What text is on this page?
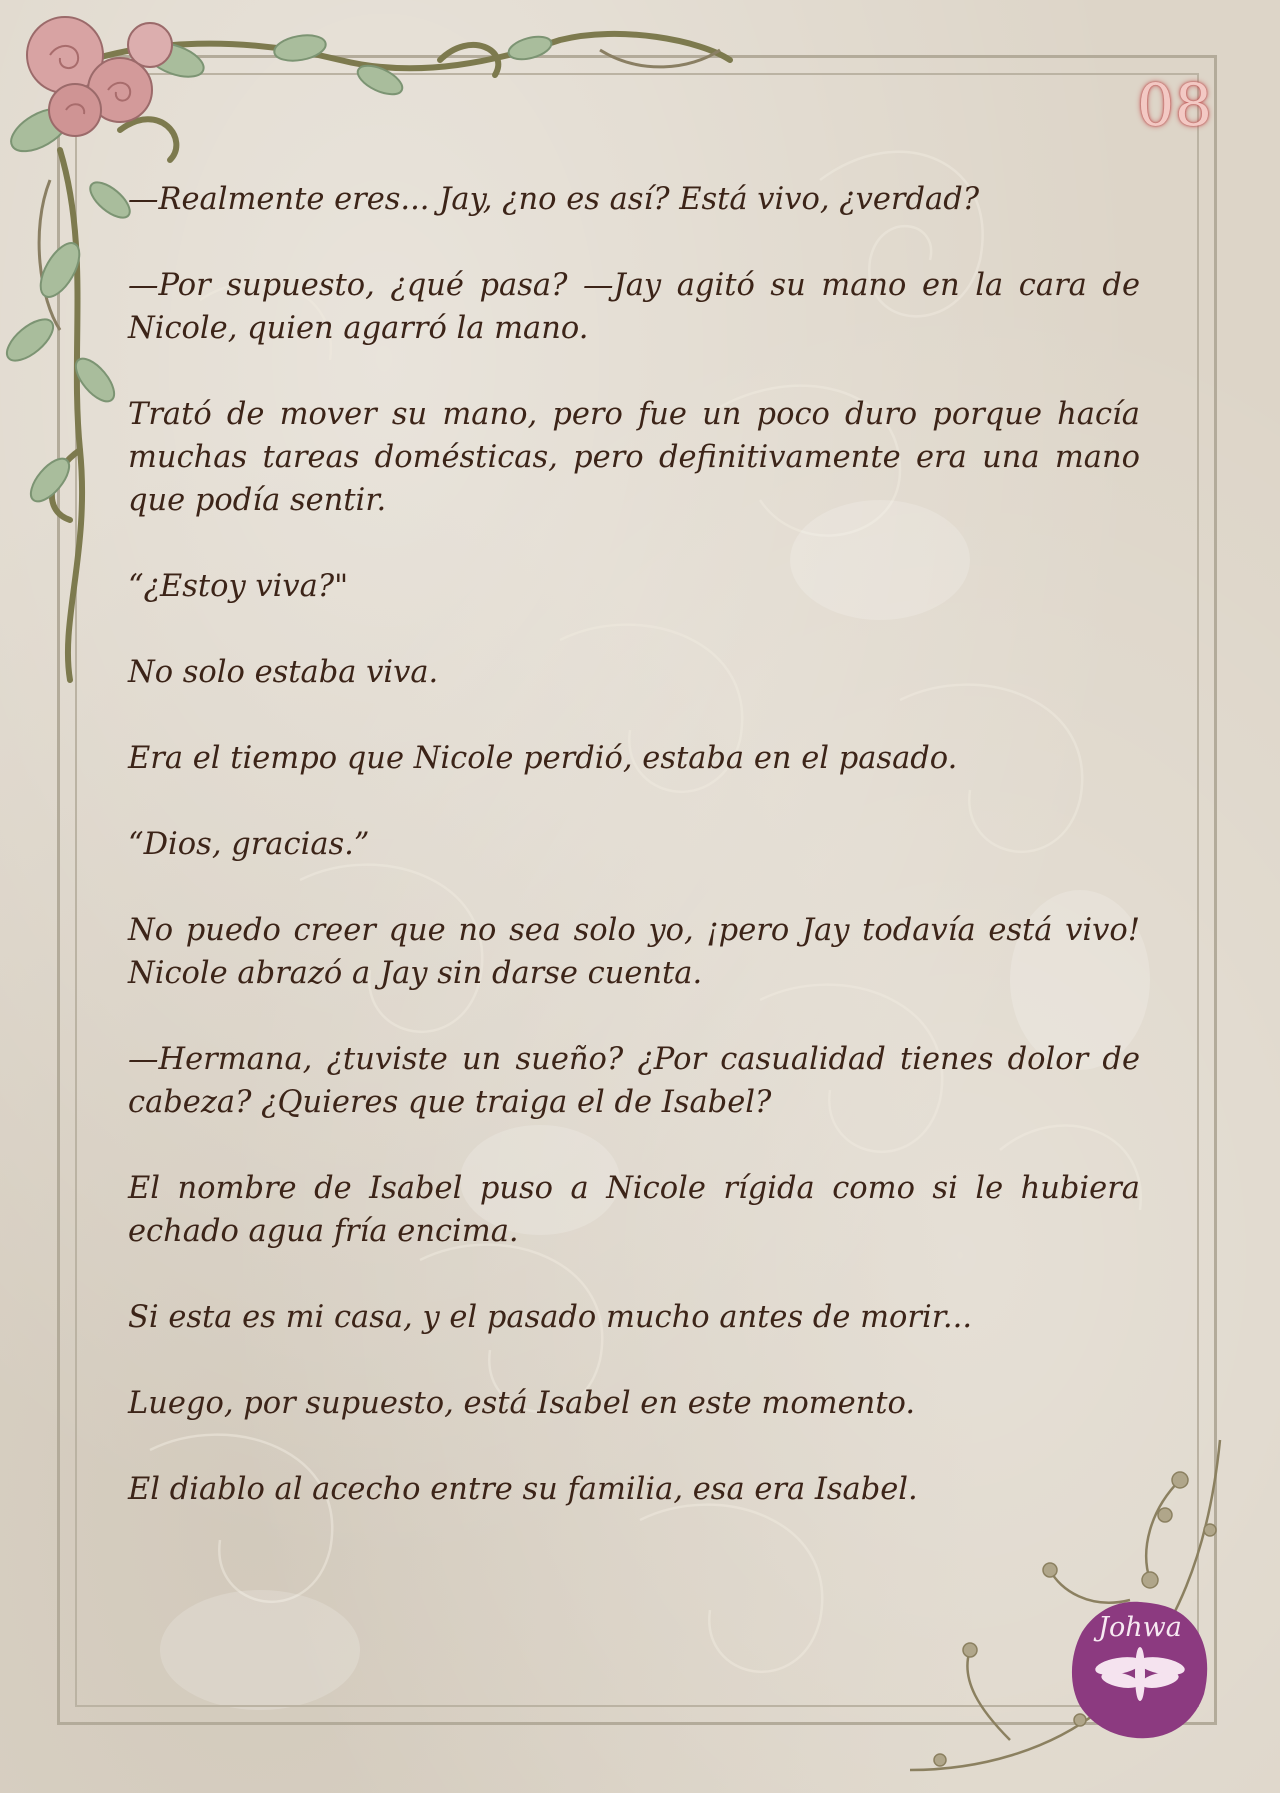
08
Johwa

—Realmente eres... Jay, ¿no es así? Está vivo, ¿verdad?

—Por supuesto, ¿qué pasa? —Jay agitó su mano en la cara de Nicole, quien agarró la mano.

Trató de mover su mano, pero fue un poco duro porque hacía muchas tareas domésticas, pero definitivamente era una mano que podía sentir.

“¿Estoy viva?"

No solo estaba viva.

Era el tiempo que Nicole perdió, estaba en el pasado.

“Dios, gracias.”

No puedo creer que no sea solo yo, ¡pero Jay todavía está vivo! Nicole abrazó a Jay sin darse cuenta.

—Hermana, ¿tuviste un sueño? ¿Por casualidad tienes dolor de cabeza? ¿Quieres que traiga el de Isabel?

El nombre de Isabel puso a Nicole rígida como si le hubiera echado agua fría encima.

Si esta es mi casa, y el pasado mucho antes de morir...

Luego, por supuesto, está Isabel en este momento.

El diablo al acecho entre su familia, esa era Isabel.
